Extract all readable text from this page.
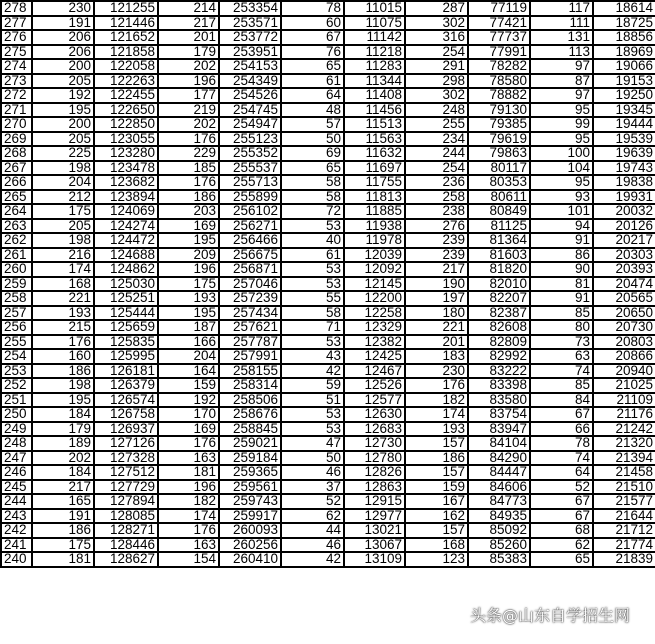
278	230	121255	214	253354	78	11015	287	77119	117	18614
277	191	121446	217	253571	60	11075	302	77421	111	18725
276	206	121652	201	253772	67	11142	316	77737	131	18856
275	206	121858	179	253951	76	11218	254	77991	113	18969
274	200	122058	202	254153	65	11283	291	78282	97	19066
273	205	122263	196	254349	61	11344	298	78580	87	19153
272	192	122455	177	254526	64	11408	302	78882	97	19250
271	195	122650	219	254745	48	11456	248	79130	95	19345
270	200	122850	202	254947	57	11513	255	79385	99	19444
269	205	123055	176	255123	50	11563	234	79619	95	19539
268	225	123280	229	255352	69	11632	244	79863	100	19639
267	198	123478	185	255537	65	11697	254	80117	104	19743
266	204	123682	176	255713	58	11755	236	80353	95	19838
265	212	123894	186	255899	58	11813	258	80611	93	19931
264	175	124069	203	256102	72	11885	238	80849	101	20032
263	205	124274	169	256271	53	11938	276	81125	94	20126
262	198	124472	195	256466	40	11978	239	81364	91	20217
261	216	124688	209	256675	61	12039	239	81603	86	20303
260	174	124862	196	256871	53	12092	217	81820	90	20393
259	168	125030	175	257046	53	12145	190	82010	81	20474
258	221	125251	193	257239	55	12200	197	82207	91	20565
257	193	125444	195	257434	58	12258	180	82387	85	20650
256	215	125659	187	257621	71	12329	221	82608	80	20730
255	176	125835	166	257787	53	12382	201	82809	73	20803
254	160	125995	204	257991	43	12425	183	82992	63	20866
253	186	126181	164	258155	42	12467	230	83222	74	20940
252	198	126379	159	258314	59	12526	176	83398	85	21025
251	195	126574	192	258506	51	12577	182	83580	84	21109
250	184	126758	170	258676	53	12630	174	83754	67	21176
249	179	126937	169	258845	53	12683	193	83947	66	21242
248	189	127126	176	259021	47	12730	157	84104	78	21320
247	202	127328	163	259184	50	12780	186	84290	74	21394
246	184	127512	181	259365	46	12826	157	84447	64	21458
245	217	127729	196	259561	37	12863	159	84606	52	21510
244	165	127894	182	259743	52	12915	167	84773	67	21577
243	191	128085	174	259917	62	12977	162	84935	67	21644
242	186	128271	176	260093	44	13021	157	85092	68	21712
241	175	128446	163	260256	46	13067	168	85260	62	21774
240	181	128627	154	260410	42	13109	123	85383	65	21839
头条@山东自学招生网
